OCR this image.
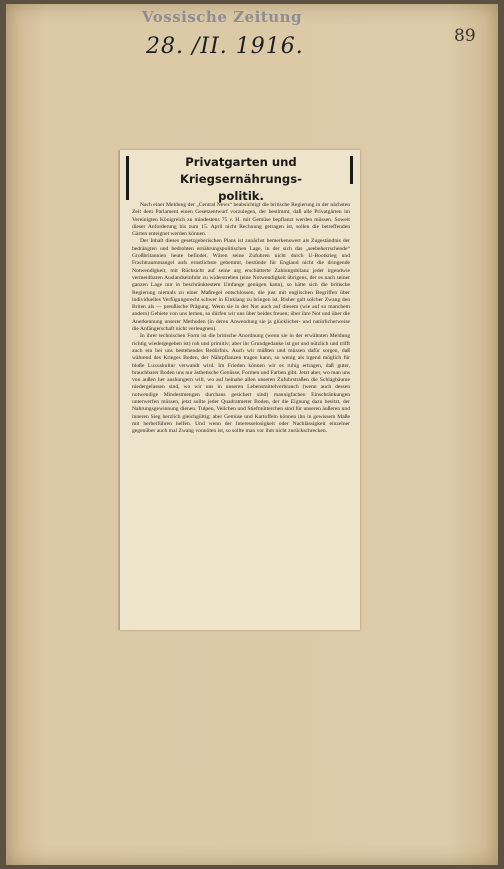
Vossische Zeitung
89
28. /II. 1916.
Privatgarten und Kriegsernährungs-
politik.

Nach einer Meldung der „Central News“ beabsichtigt die britische Regierung in der nächsten Zeit dem Parlament einen Gesetzentwurf vorzulegen, der bestimmt, daß alle Privatgärten im Vereinigten Königreich zu mindestens 75 v. H. mit Gemüse bepflanzt werden müssen. Soweit dieser Anforderung bis zum 15. April nicht Rechnung getragen ist, sollen die betreffenden Gärten enteignet werden können.

Der Inhalt dieses gesetzgeberischen Plans ist zunächst bemerkenswert als Zugeständnis der bedrängten und bedrohten ernährungspolitischen Lage, in der sich das „seebeherrschende“ Großbritannien heute befindet. Wären seine Zufuhren nicht durch U-Bootkrieg und Frachtraummangel aufs ernstlichste gehemmt, bestünde für England nicht die dringende Notwendigkeit, mit Rücksicht auf seine arg erschütterte Zahlungsbilanz jeder irgendwie vermeidbaren Auslandseinfuhr zu widerstreben (eine Notwendigkeit übrigens, der es nach seiner ganzen Lage nur in beschränktestem Umfange genügen kann), so hätte sich die britische Regierung niemals zu einer Maßregel entschlossen, die just mit englischen Begriffen über individuelles Verfügungsrecht schwer in Einklang zu bringen ist. Bisher galt solcher Zwang den Briten als — preußische Prägung. Wenn sie in der Not auch auf diesem (wie auf so manchem andern) Gebiete von uns lernen, so dürfen wir uns über beides freuen; über ihre Not und über die Anerkennung unserer Methoden (in deren Anwendung sie ja glücklicher- und natürlicherweise die Anfängerschaft nicht verleugnen).

In ihrer technischen Form ist die britische Anordnung (wenn sie in der erwähnten Meldung richtig wiedergegeben ist) roh und primitiv; aber ihr Grundgedanke ist gut und nützlich und trifft auch ein bei uns bestehendes Bedürfnis. Auch wir müßten und müssen dafür sorgen, daß während des Krieges Boden, der Nährpflanzen tragen kann, so wenig als irgend möglich für bloße Luxuskultur verwandt wird. Im Frieden können wir es ruhig ertragen, daß guter, brauchbarer Boden uns nur ästhetische Genüsse, Formen und Farben gibt. Jetzt aber, wo man uns von außen her aushungern will, wo auf beinahe allen unseren Zufuhrstraßen die Schlagbäume niedergelassen sind, wo wir uns in unseren Lebensmittelverbrauch (wenn auch dessen notwendige Mindestmengen durchaus gesichert sind) mannigfachen Einschränkungen unterwerfen müssen, jetzt sollte jeder Quadratmeter Boden, der die Eignung dazu besitzt, der Nahrungsgewinnung dienen. Tulpen, Veilchen und Stiefmütterchen sind für unseren äußeren und inneren Sieg herzlich gleichgültig; aber Gemüse und Kartoffeln können ihn in gewissem Maße mit herbeiführen helfen. Und wenn der Interesselosigkeit oder Nachlässigkeit einzelner gegenüber auch mal Zwang vonnöten ist, so sollte man vor ihm nicht zurückschrecken.
